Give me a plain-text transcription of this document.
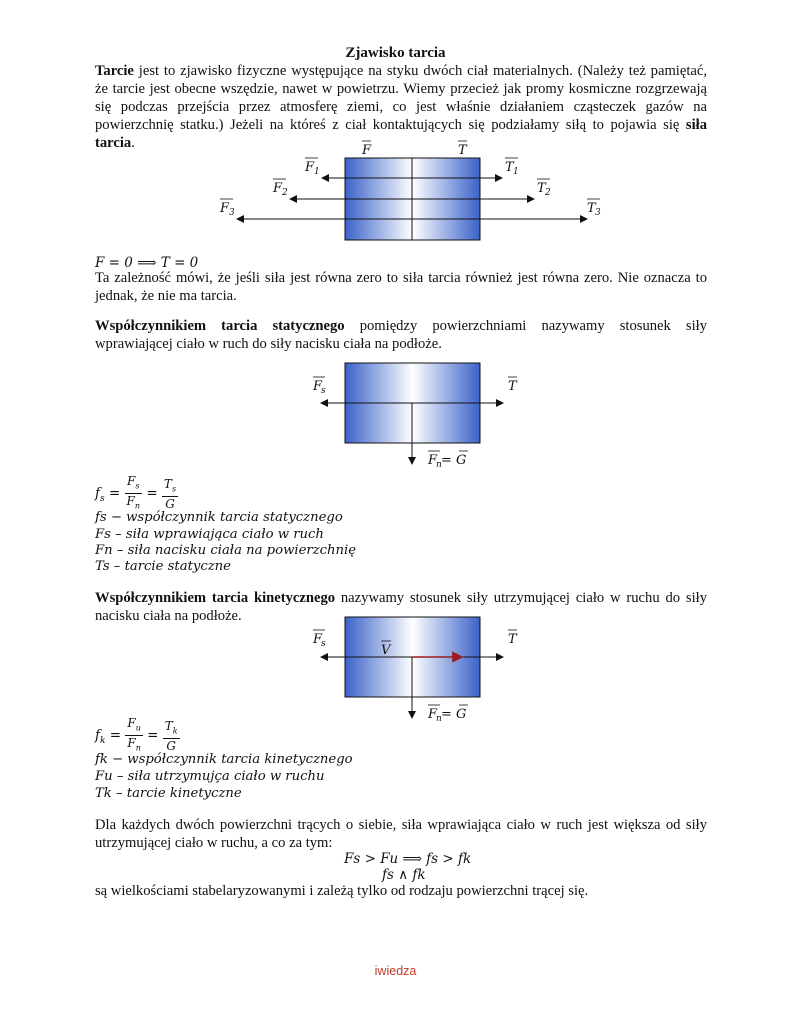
Zjawisko tarcia
Tarcie jest to zjawisko fizyczne występujące na styku dwóch ciał materialnych. (Należy też pamiętać, że tarcie jest obecne wszędzie, nawet w powietrzu. Wiemy przecież jak promy kosmiczne rozgrzewają się podczas przejścia przez atmosferę ziemi, co jest właśnie działaniem cząsteczek gazów na powierzchnię statku.) Jeżeli na któreś z ciał kontaktujących się podziałamy siłą to pojawia się siła tarcia.	F	T
F 1	T 1
F 2	T 2
F 3	T 3
F
s	T
F
n = G
F
s	T
V
F
n = G
F = 0 ⟹ T = 0
Ta zależność mówi, że jeśli siła jest równa zero to siła tarcia również jest równa zero. Nie oznacza to jednak, że nie ma tarcia.
Współczynnikiem tarcia statycznego pomiędzy powierzchniami nazywamy stosunek siły wprawiającej ciało w ruch do siły nacisku ciała na podłoże.
$f_s = \frac{F_s}{F_n} = \frac{T_s}{G}$
fs − współczynnik tarcia statycznego
Fs – siła wprawiająca ciało w ruch
Fn – siła nacisku ciała na powierzchnię
Ts – tarcie statyczne
Współczynnikiem tarcia kinetycznego nazywamy stosunek siły utrzymującej ciało w ruchu do siły nacisku ciała na podłoże.
$f_k = \frac{F_u}{F_n} = \frac{T_k}{G}$
fk − współczynnik tarcia kinetycznego
Fu – siła utrzymujça ciało w ruchu
Tk – tarcie kinetyczne
Dla każdych dwóch powierzchni trących o siebie, siła wprawiająca ciało w ruch jest większa od siły utrzymującej ciało w ruchu, a co za tym:
Fs > Fu ⟹ fs > fk
fs ∧ fk
są wielkościami stabelaryzowanymi i zależą tylko od rodzaju powierzchni trącej się.
iwiedza
